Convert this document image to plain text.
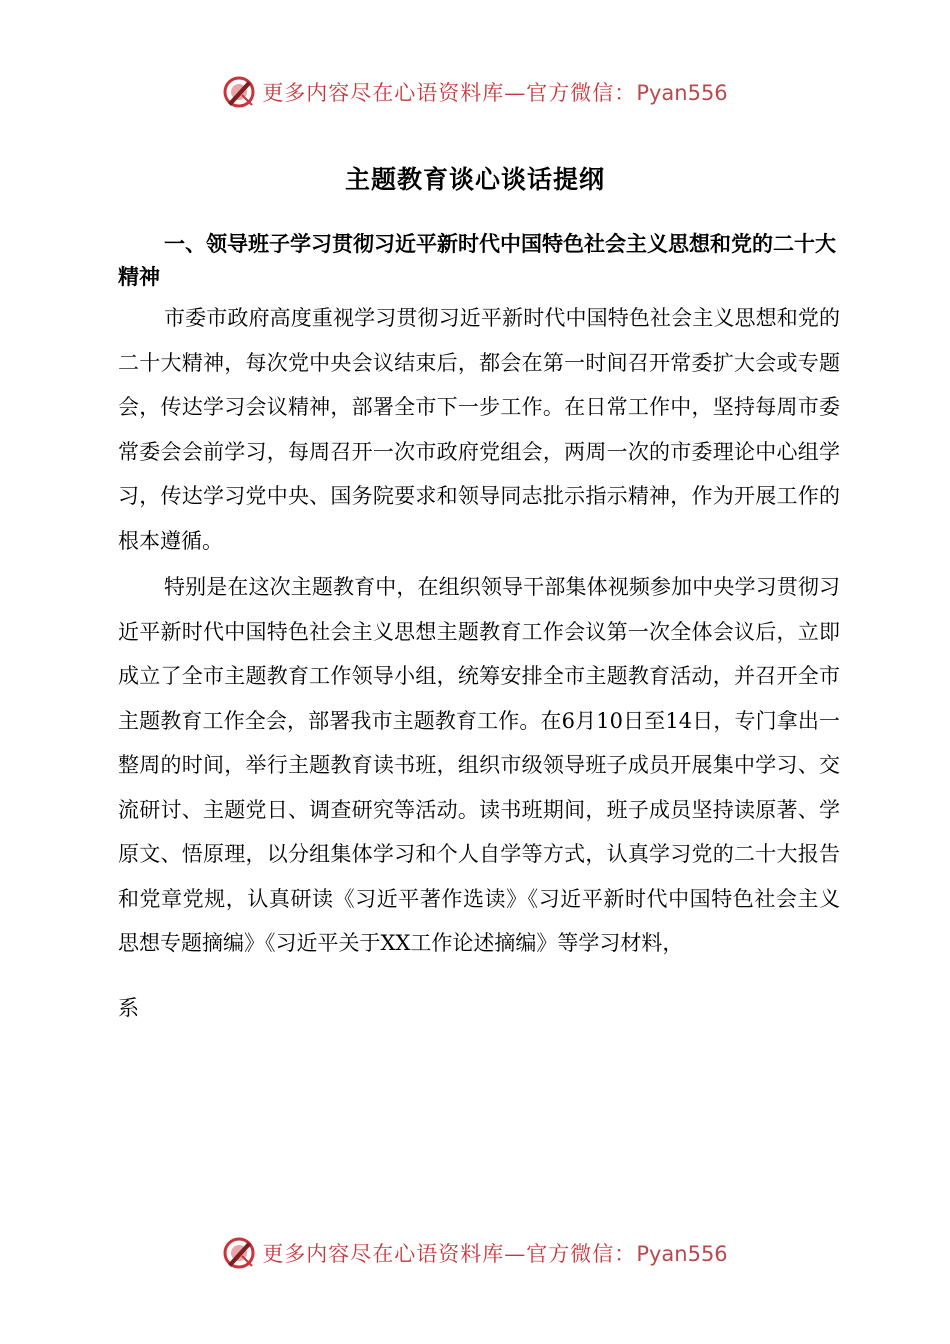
更多内容尽在心语资料库—官方微信：Pyan556
主题教育谈心谈话提纲

一、领导班子学习贯彻习近平新时代中国特色社会主义思想和党的二十大精神

市委市政府高度重视学习贯彻习近平新时代中国特色社会主义思想和党的二十大精神，每次党中央会议结束后，都会在第一时间召开常委扩大会或专题会，传达学习会议精神，部署全市下一步工作。在日常工作中，坚持每周市委常委会会前学习，每周召开一次市政府党组会，两周一次的市委理论中心组学习，传达学习党中央、国务院要求和领导同志批示指示精神，作为开展工作的根本遵循。

特别是在这次主题教育中，在组织领导干部集体视频参加中央学习贯彻习近平新时代中国特色社会主义思想主题教育工作会议第一次全体会议后，立即成立了全市主题教育工作领导小组，统筹安排全市主题教育活动，并召开全市主题教育工作全会，部署我市主题教育工作。在6月10日至14日，专门拿出一整周的时间，举行主题教育读书班，组织市级领导班子成员开展集中学习、交流研讨、主题党日、调查研究等活动。读书班期间，班子成员坚持读原著、学原文、悟原理，以分组集体学习和个人自学等方式，认真学习党的二十大报告和党章党规，认真研读《习近平著作选读》《习近平新时代中国特色社会主义思想专题摘编》《习近平关于XX工作论述摘编》等学习材料，

系
更多内容尽在心语资料库—官方微信：Pyan556
